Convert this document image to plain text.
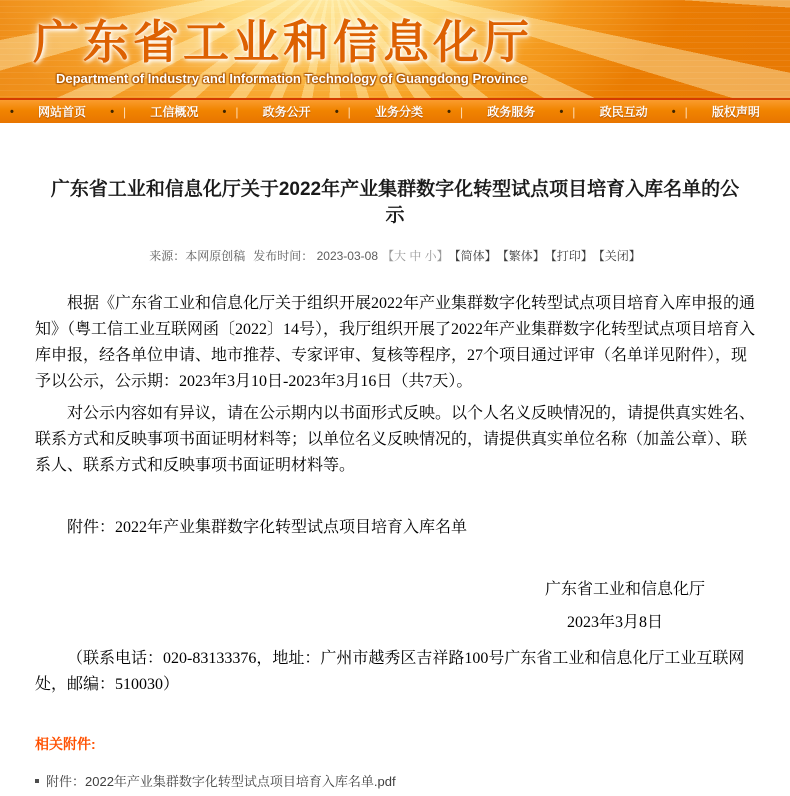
广东省工业和信息化厅
Department of Industry and Information Technology of Guangdong Province
• 网站首页 • | 工信概况 • | 政务公开 • | 业务分类 • | 政务服务 • | 政民互动 • | 版权声明
广东省工业和信息化厅关于2022年产业集群数字化转型试点项目培育入库名单的公示
来源：本网原创稿 发布时间： 2023-03-08 【大 中 小】 【简体】 【繁体】 【打印】 【关闭】

根据《广东省工业和信息化厅关于组织开展2022年产业集群数字化转型试点项目培育入库申报的通知》（粤工信工业互联网函〔2022〕14号），我厅组织开展了2022年产业集群数字化转型试点项目培育入库申报，经各单位申请、地市推荐、专家评审、复核等程序，27个项目通过评审（名单详见附件），现予以公示，公示期：2023年3月10日-2023年3月16日（共7天）。

对公示内容如有异议，请在公示期内以书面形式反映。以个人名义反映情况的，请提供真实姓名、联系方式和反映事项书面证明材料等；以单位名义反映情况的，请提供真实单位名称（加盖公章）、联系人、联系方式和反映事项书面证明材料等。

附件：2022年产业集群数字化转型试点项目培育入库名单
广东省工业和信息化厅
2023年3月8日
（联系电话：020-83133376，地址：广州市越秀区吉祥路100号广东省工业和信息化厅工业互联网处，邮编：510030）
相关附件:
附件：2022年产业集群数字化转型试点项目培育入库名单.pdf
